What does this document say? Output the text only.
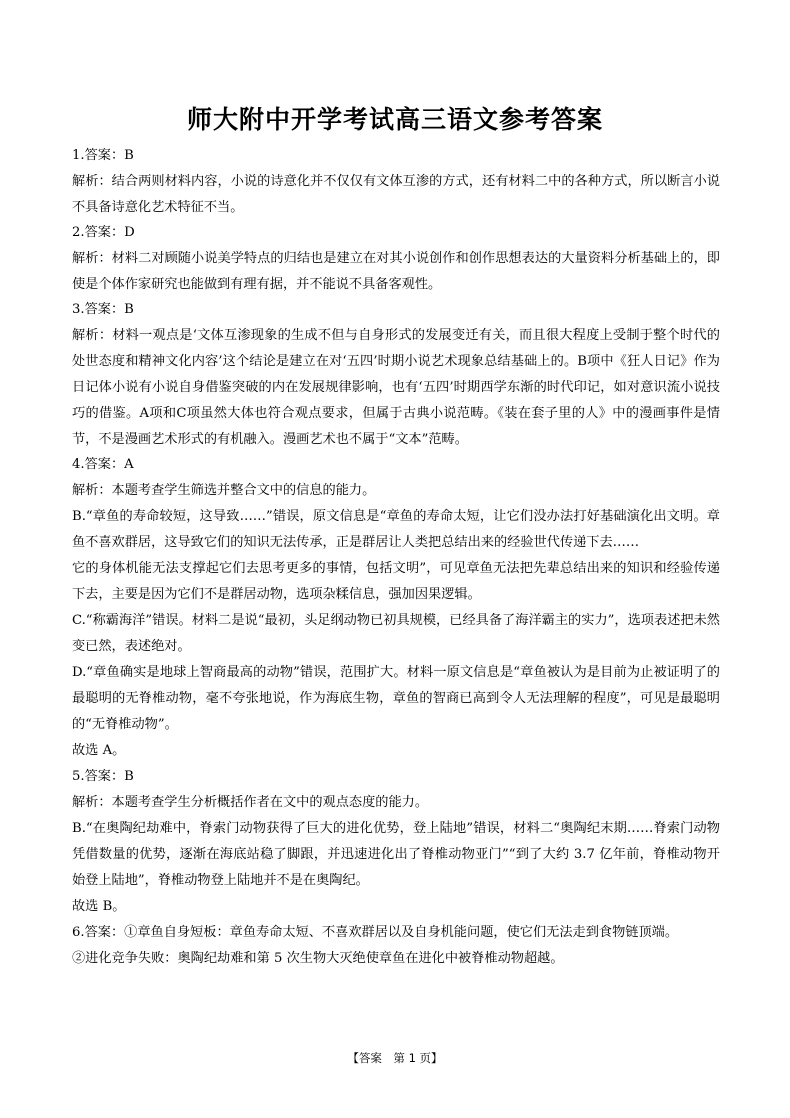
师大附中开学考试高三语文参考答案
1.答案：B
解析：结合两则材料内容，小说的诗意化并不仅仅有文体互渗的方式，还有材料二中的各种方式，所以断言小说不具备诗意化艺术特征不当。
2.答案：D
解析：材料二对顾随小说美学特点的归结也是建立在对其小说创作和创作思想表达的大量资料分析基础上的，即使是个体作家研究也能做到有理有据，并不能说不具备客观性。
3.答案：B
解析：材料一观点是‘文体互渗现象的生成不但与自身形式的发展变迁有关，而且很大程度上受制于整个时代的处世态度和精神文化内容’这个结论是建立在对‘五四’时期小说艺术现象总结基础上的。B项中《狂人日记》作为日记体小说有小说自身借鉴突破的内在发展规律影响，也有‘五四’时期西学东渐的时代印记，如对意识流小说技巧的借鉴。A项和C项虽然大体也符合观点要求，但属于古典小说范畴。《装在套子里的人》中的漫画事件是情节，不是漫画艺术形式的有机融入。漫画艺术也不属于“文本”范畴。
4.答案：A
解析：本题考查学生筛选并整合文中的信息的能力。
B.“章鱼的寿命较短，这导致……”错误，原文信息是“章鱼的寿命太短，让它们没办法打好基础演化出文明。章鱼不喜欢群居，这导致它们的知识无法传承，正是群居让人类把总结出来的经验世代传递下去……
它的身体机能无法支撑起它们去思考更多的事情，包括文明”，可见章鱼无法把先辈总结出来的知识和经验传递下去，主要是因为它们不是群居动物，选项杂糅信息，强加因果逻辑。
C.“称霸海洋”错误。材料二是说“最初，头足纲动物已初具规模，已经具备了海洋霸主的实力”，选项表述把未然变已然，表述绝对。
D.“章鱼确实是地球上智商最高的动物”错误，范围扩大。材料一原文信息是“章鱼被认为是目前为止被证明了的最聪明的无脊椎动物，毫不夸张地说，作为海底生物，章鱼的智商已高到令人无法理解的程度”，可见是最聪明的“无脊椎动物”。
故选 A。
5.答案：B
解析：本题考查学生分析概括作者在文中的观点态度的能力。
B.“在奥陶纪劫难中，脊索门动物获得了巨大的进化优势，登上陆地”错误，材料二“奥陶纪末期……脊索门动物凭借数量的优势，逐渐在海底站稳了脚跟，并迅速进化出了脊椎动物亚门”“到了大约 3.7 亿年前，脊椎动物开始登上陆地”，脊椎动物登上陆地并不是在奥陶纪。
故选 B。
6.答案：①章鱼自身短板：章鱼寿命太短、不喜欢群居以及自身机能问题，使它们无法走到食物链顶端。
②进化竞争失败：奥陶纪劫难和第 5 次生物大灭绝使章鱼在进化中被脊椎动物超越。
【答案　第 1 页】
